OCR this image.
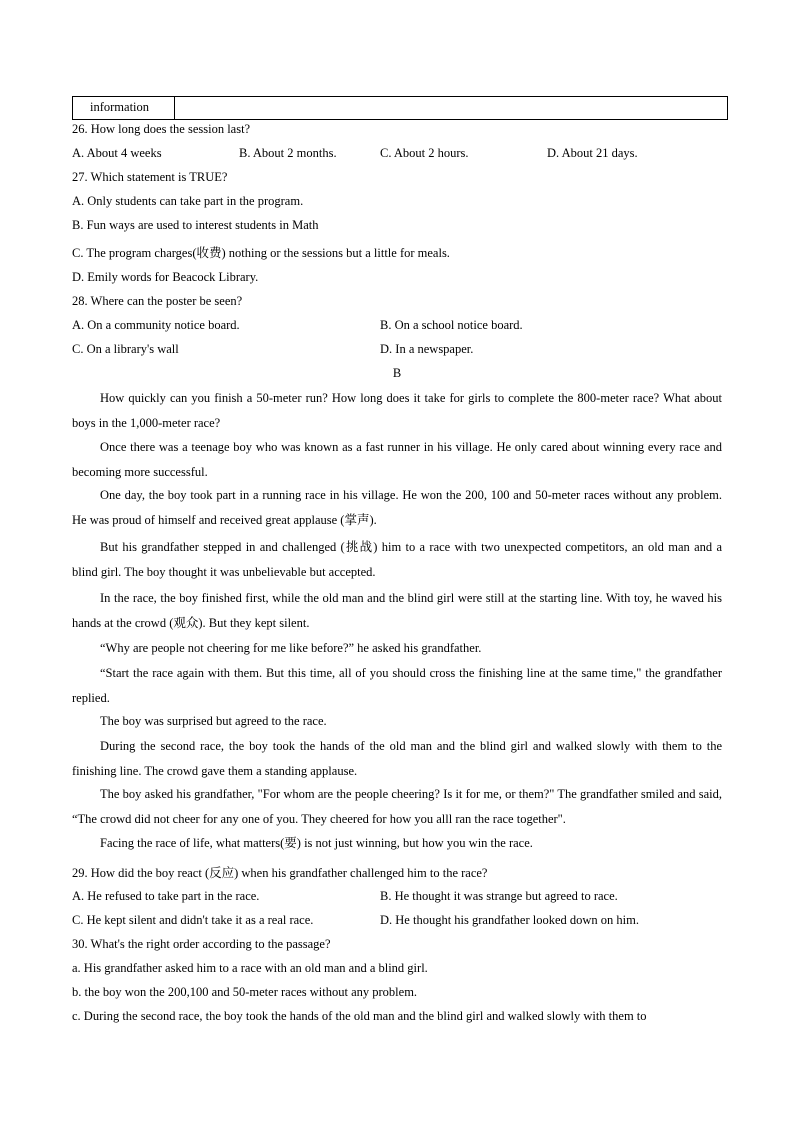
information
26. How long does the session last?
A. About 4 weeks	B. About 2 months.	C. About 2 hours.	D. About 21 days.
27. Which statement is TRUE?
A. Only students can take part in the program.
B. Fun ways are used to interest students in Math
C. The program charges(收费) nothing or the sessions but a little for meals.
D. Emily words for Beacock Library.
28. Where can the poster be seen?
A. On a community notice board.	B. On a school notice board.
C. On a library's wall	D. In a newspaper.
B
How quickly can you finish a 50-meter run? How long does it take for girls to complete the 800-meter race? What about boys in the 1,000-meter race?
Once there was a teenage boy who was known as a fast runner in his village. He only cared about winning every race and becoming more successful.
One day, the boy took part in a running race in his village. He won the 200, 100 and 50-meter races without any problem. He was proud of himself and received great applause (掌声).
But his grandfather stepped in and challenged (挑战) him to a race with two unexpected competitors, an old man and a blind girl. The boy thought it was unbelievable but accepted.
In the race, the boy finished first, while the old man and the blind girl were still at the starting line. With toy, he waved his hands at the crowd (观众). But they kept silent.
“Why are people not cheering for me like before?” he asked his grandfather.
“Start the race again with them. But this time, all of you should cross the finishing line at the same time," the grandfather replied.
The boy was surprised but agreed to the race.
During the second race, the boy took the hands of the old man and the blind girl and walked slowly with them to the finishing line. The crowd gave them a standing applause.
The boy asked his grandfather, "For whom are the people cheering? Is it for me, or them?" The grandfather smiled and said, “The crowd did not cheer for any one of you. They cheered for how you alll ran the race together".
Facing the race of life, what matters(要) is not just winning, but how you win the race.
29. How did the boy react (反应) when his grandfather challenged him to the race?
A. He refused to take part in the race.	B. He thought it was strange but agreed to race.
C. He kept silent and didn't take it as a real race.	D. He thought his grandfather looked down on him.
30. What's the right order according to the passage?
a. His grandfather asked him to a race with an old man and a blind girl.
b. the boy won the 200,100 and 50-meter races without any problem.
c. During the second race, the boy took the hands of the old man and the blind girl and walked slowly with them to
